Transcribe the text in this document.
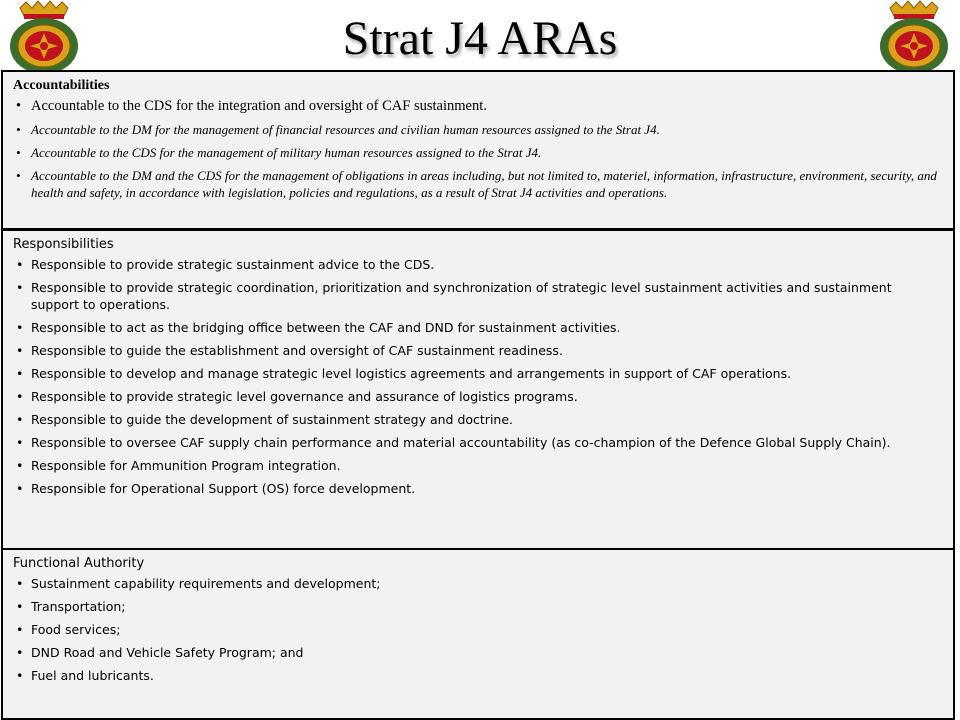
Strat J4 ARAs
Accountabilities
• Accountable to the CDS for the integration and oversight of CAF sustainment.
• Accountable to the DM for the management of financial resources and civilian human resources assigned to the Strat J4.
• Accountable to the CDS for the management of military human resources assigned to the Strat J4.
• Accountable to the DM and the CDS for the management of obligations in areas including, but not limited to, materiel, information, infrastructure, environment, security, and health and safety, in accordance with legislation, policies and regulations, as a result of Strat J4 activities and operations.
Responsibilities
• Responsible to provide strategic sustainment advice to the CDS.
• Responsible to provide strategic coordination, prioritization and synchronization of strategic level sustainment activities and sustainment support to operations.
• Responsible to act as the bridging office between the CAF and DND for sustainment activities.
• Responsible to guide the establishment and oversight of CAF sustainment readiness.
• Responsible to develop and manage strategic level logistics agreements and arrangements in support of CAF operations.
• Responsible to provide strategic level governance and assurance of logistics programs.
• Responsible to guide the development of sustainment strategy and doctrine.
• Responsible to oversee CAF supply chain performance and material accountability (as co-champion of the Defence Global Supply Chain).
• Responsible for Ammunition Program integration.
• Responsible for Operational Support (OS) force development.
Functional Authority
• Sustainment capability requirements and development;
• Transportation;
• Food services;
• DND Road and Vehicle Safety Program; and
• Fuel and lubricants.
